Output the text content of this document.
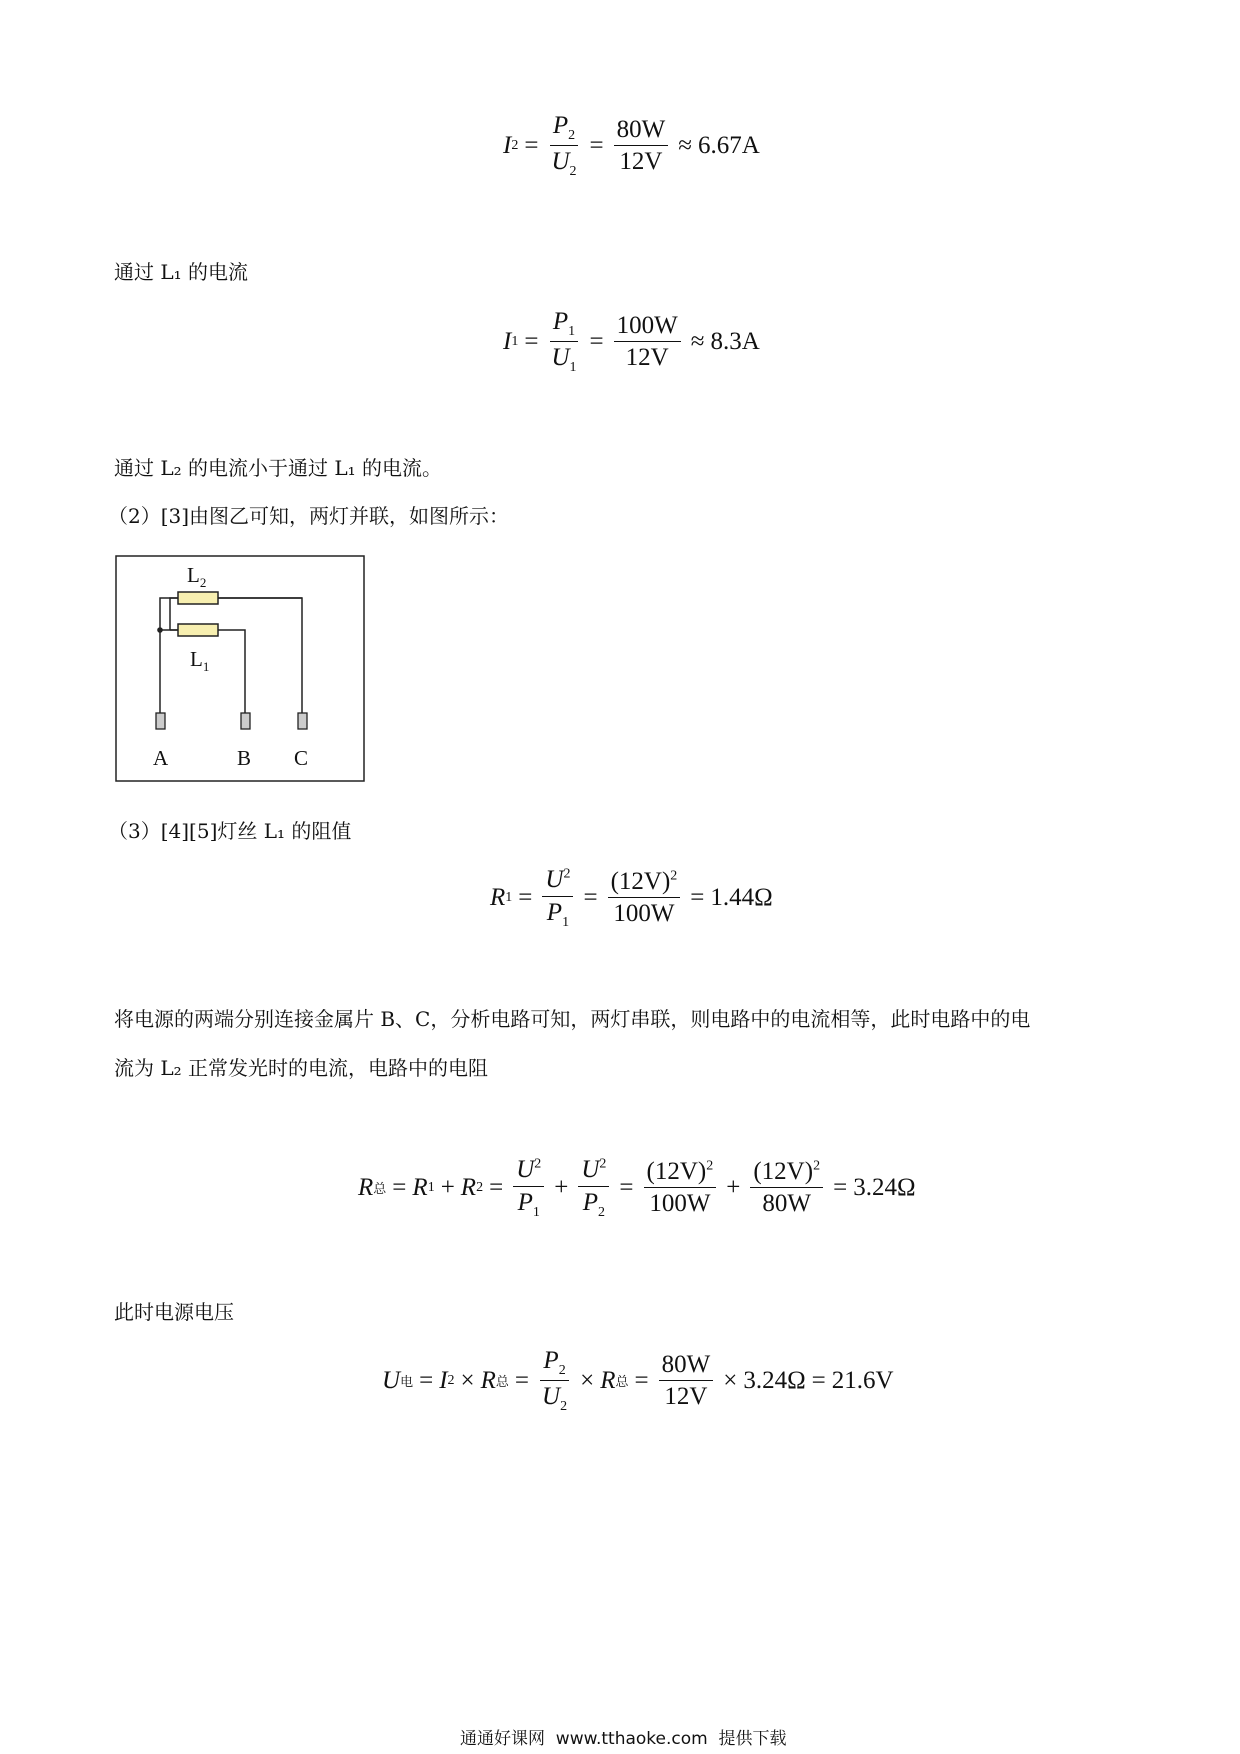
I $2 = \frac{P_2}{U_2} = \frac{80W}{12V} \approx 6.67A$
通过 L₁ 的电流
I $1 = \frac{P_1}{U_1} = \frac{100W}{12V} \approx 8.3A$
通过 L₂ 的电流小于通过 L₁ 的电流。
（2）[3]由图乙可知，两灯并联，如图所示：
$L_2$
$L_1$
A	B C
（3）[4][5]灯丝 L₁ 的阻值
R $1 = \frac{U^2}{P_1} = \frac{(12V)^2}{100W} = 1.44\Omega$
将电源的两端分别连接金属片 B、C，分析电路可知，两灯串联，则电路中的电流相等，此时电路中的电
流为 L₂ 正常发光时的电流，电路中的电阻
R 总 = R 1 + R $2 = \frac{U^2}{P_1} + \frac{U^2}{P_2} = \frac{(12V)^2}{100W} + \frac{(12V)^2}{80W} = 3.24\Omega$
此时电源电压
U 电 = I 2 × R 总 = $\frac{P_2}{U_2} \times R$ 总 = $\frac{80W}{12V} \times 3.24\Omega = 21.6V$
通通好课网  www.tthaoke.com  提供下载
